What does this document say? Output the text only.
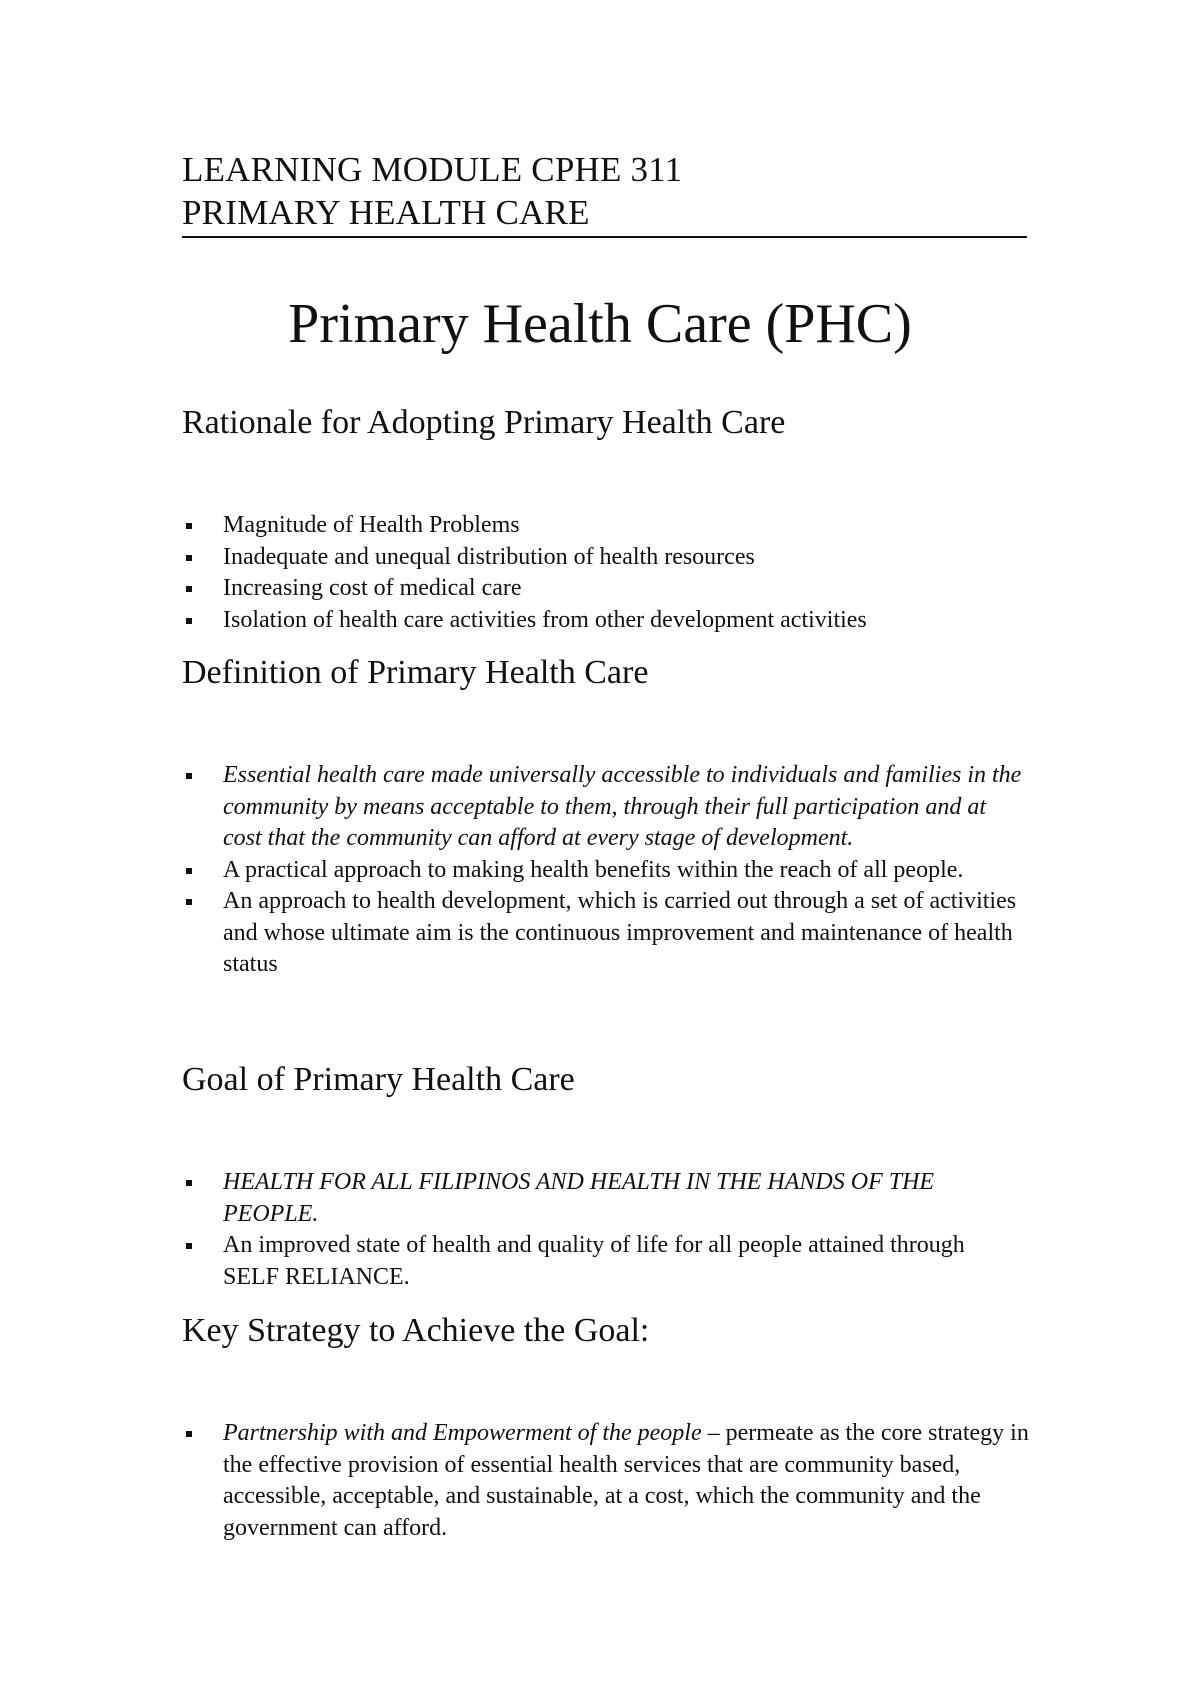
LEARNING MODULE CPHE 311
PRIMARY HEALTH CARE
Primary Health Care (PHC)
Rationale for Adopting Primary Health Care
Magnitude of Health Problems
Inadequate and unequal distribution of health resources
Increasing cost of medical care
Isolation of health care activities from other development activities
Definition of Primary Health Care
Essential health care made universally accessible to individuals and families in the community by means acceptable to them, through their full participation and at cost that the community can afford at every stage of development.
A practical approach to making health benefits within the reach of all people.
An approach to health development, which is carried out through a set of activities and whose ultimate aim is the continuous improvement and maintenance of health status
Goal of Primary Health Care
HEALTH FOR ALL FILIPINOS AND HEALTH IN THE HANDS OF THE PEOPLE.
An improved state of health and quality of life for all people attained through SELF RELIANCE.
Key Strategy to Achieve the Goal:
Partnership with and Empowerment of the people – permeate as the core strategy in the effective provision of essential health services that are community based, accessible, acceptable, and sustainable, at a cost, which the community and the government can afford.
